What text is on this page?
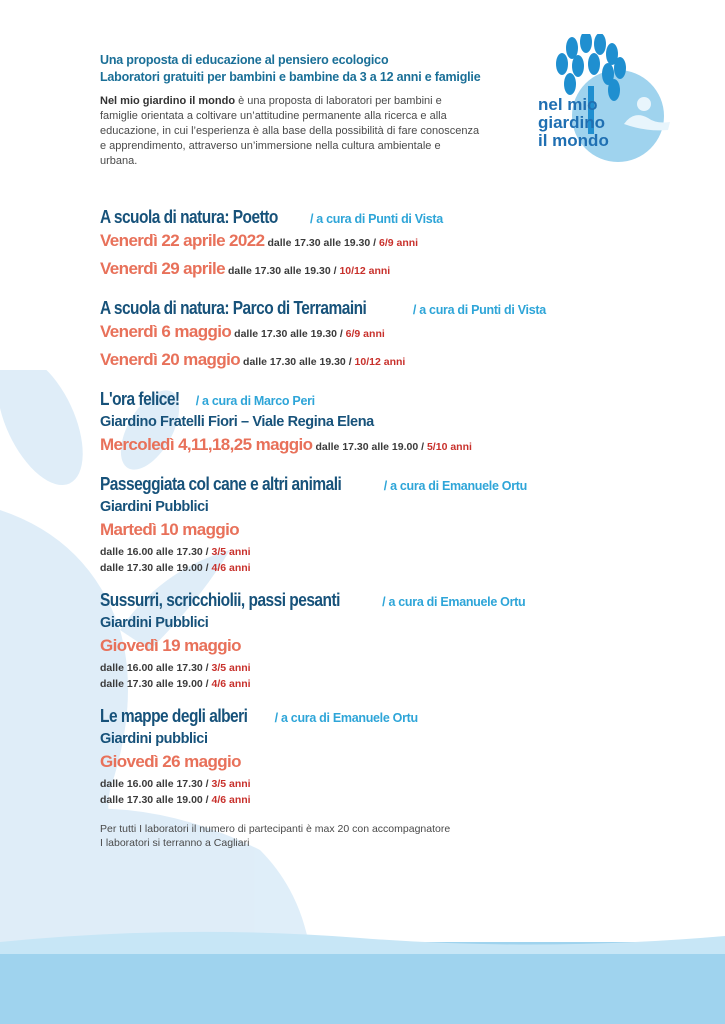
Una proposta di educazione al pensiero ecologico
Laboratori gratuiti per bambini e bambine da 3 a 12 anni e famiglie
Nel mio giardino il mondo è una proposta di laboratori per bambini e famiglie orientata a coltivare un’attitudine permanente alla ricerca e alla educazione, in cui l’esperienza è alla base della possibilità di fare conoscenza e apprendimento, attraverso un’immersione nella cultura ambientale e urbana.
nel mio
giardino
il mondo
A scuola di natura: Poetto / a cura di Punti di Vista
Venerdì 22 aprile 2022 dalle 17.30 alle 19.30 / 6/9 anni
Venerdì 29 aprile dalle 17.30 alle 19.30 / 10/12 anni
A scuola di natura: Parco di Terramaini	/ a cura di Punti di Vista
Venerdì 6 maggio dalle 17.30 alle 19.30 / 6/9 anni
Venerdì 20 maggio dalle 17.30 alle 19.30 / 10/12 anni
L'ora felice! / a cura di Marco Peri
Giardino Fratelli Fiori – Viale Regina Elena
Mercoledì 4,11,18,25 maggio dalle 17.30 alle 19.00 / 5/10 anni
Passeggiata col cane e altri animali	/ a cura di Emanuele Ortu
Giardini Pubblici
Martedì 10 maggio
dalle 16.00 alle 17.30 / 3/5 anni
dalle 17.30 alle 19.00 / 4/6 anni
Sussurri, scricchiolii, passi pesanti	/ a cura di Emanuele Ortu
Giardini Pubblici
Giovedì 19 maggio
dalle 16.00 alle 17.30 / 3/5 anni
dalle 17.30 alle 19.00 / 4/6 anni
Le mappe degli alberi / a cura di Emanuele Ortu
Giardini pubblici
Giovedì 26 maggio
dalle 16.00 alle 17.30 / 3/5 anni
dalle 17.30 alle 19.00 / 4/6 anni
Per tutti I laboratori il numero di partecipanti è max 20 con accompagnatore
I laboratori si terranno a Cagliari
